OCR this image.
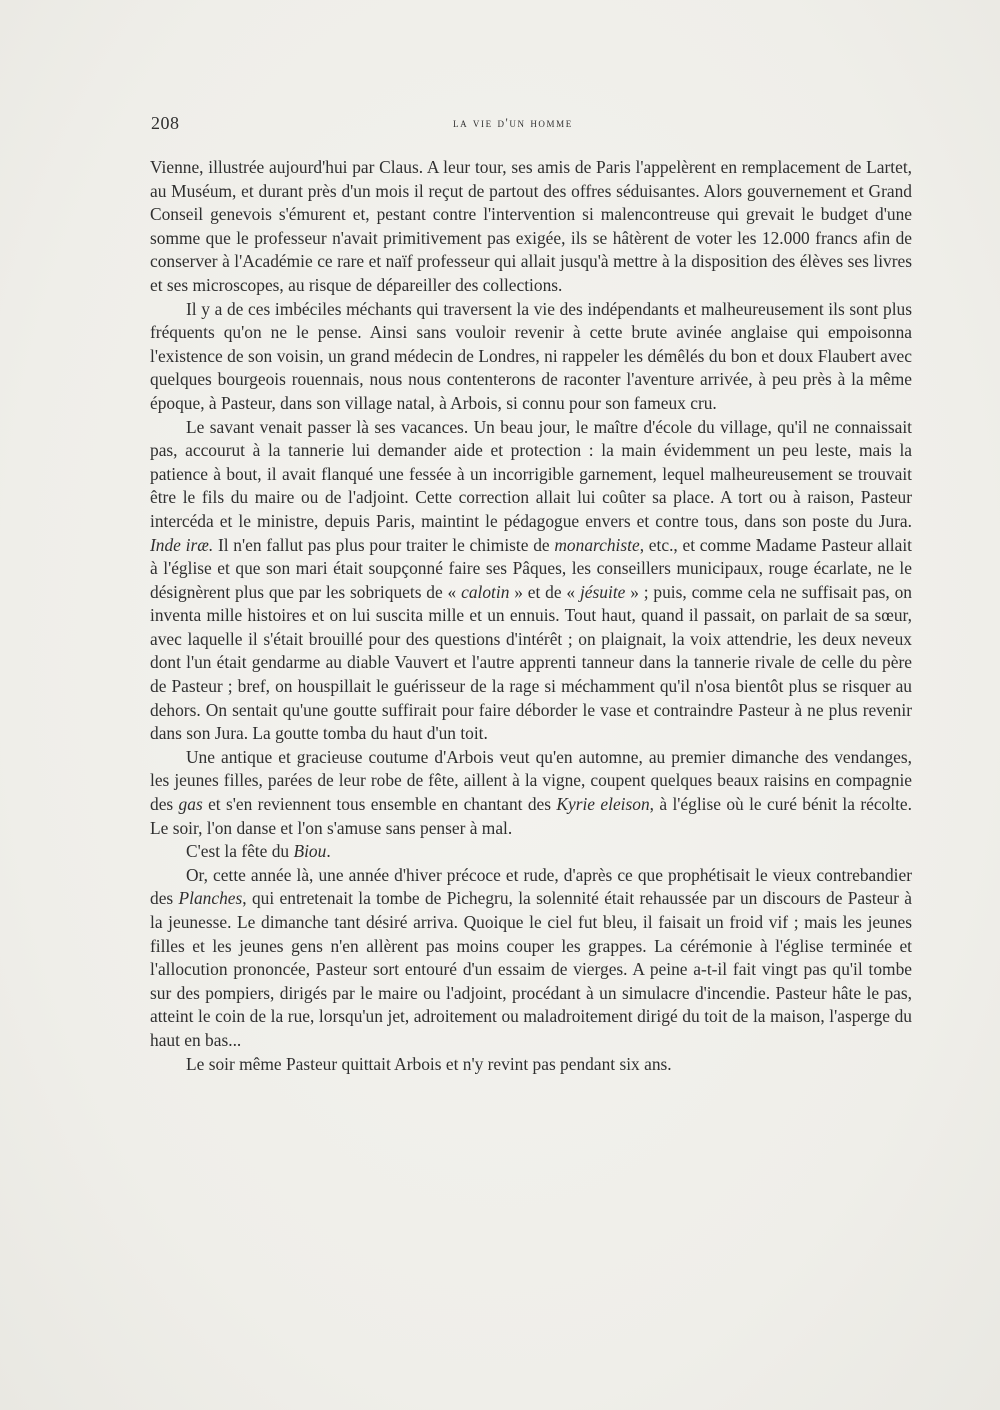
208	la vie d'un homme

Vienne, illustrée aujourd'hui par Claus. A leur tour, ses amis de Paris l'appelèrent en remplacement de Lartet, au Muséum, et durant près d'un mois il reçut de partout des offres séduisantes. Alors gouvernement et Grand Conseil genevois s'émurent et, pestant contre l'intervention si malencontreuse qui grevait le budget d'une somme que le professeur n'avait primitivement pas exigée, ils se hâtèrent de voter les 12.000 francs afin de conserver à l'Académie ce rare et naïf professeur qui allait jusqu'à mettre à la disposition des élèves ses livres et ses microscopes, au risque de dépareiller des collections.

Il y a de ces imbéciles méchants qui traversent la vie des indépendants et malheureusement ils sont plus fréquents qu'on ne le pense. Ainsi sans vouloir revenir à cette brute avinée anglaise qui empoisonna l'existence de son voisin, un grand médecin de Londres, ni rappeler les démêlés du bon et doux Flaubert avec quelques bourgeois rouennais, nous nous contenterons de raconter l'aventure arrivée, à peu près à la même époque, à Pasteur, dans son village natal, à Arbois, si connu pour son fameux cru.

Le savant venait passer là ses vacances. Un beau jour, le maître d'école du village, qu'il ne connaissait pas, accourut à la tannerie lui demander aide et protection : la main évidemment un peu leste, mais la patience à bout, il avait flanqué une fessée à un incorrigible garnement, lequel malheureusement se trouvait être le fils du maire ou de l'adjoint. Cette correction allait lui coûter sa place. A tort ou à raison, Pasteur intercéda et le ministre, depuis Paris, maintint le pédagogue envers et contre tous, dans son poste du Jura. Inde iræ. Il n'en fallut pas plus pour traiter le chimiste de monarchiste, etc., et comme Madame Pasteur allait à l'église et que son mari était soupçonné faire ses Pâques, les conseillers municipaux, rouge écarlate, ne le désignèrent plus que par les sobriquets de « calotin » et de « jésuite » ; puis, comme cela ne suffisait pas, on inventa mille histoires et on lui suscita mille et un ennuis. Tout haut, quand il passait, on parlait de sa sœur, avec laquelle il s'était brouillé pour des questions d'intérêt ; on plaignait, la voix attendrie, les deux neveux dont l'un était gendarme au diable Vauvert et l'autre apprenti tanneur dans la tannerie rivale de celle du père de Pasteur ; bref, on houspillait le guérisseur de la rage si méchamment qu'il n'osa bientôt plus se risquer au dehors. On sentait qu'une goutte suffirait pour faire déborder le vase et contraindre Pasteur à ne plus revenir dans son Jura. La goutte tomba du haut d'un toit.

Une antique et gracieuse coutume d'Arbois veut qu'en automne, au premier dimanche des vendanges, les jeunes filles, parées de leur robe de fête, aillent à la vigne, coupent quelques beaux raisins en compagnie des gas et s'en reviennent tous ensemble en chantant des Kyrie eleison, à l'église où le curé bénit la récolte. Le soir, l'on danse et l'on s'amuse sans penser à mal.

C'est la fête du Biou.

Or, cette année là, une année d'hiver précoce et rude, d'après ce que prophétisait le vieux contrebandier des Planches, qui entretenait la tombe de Pichegru, la solennité était rehaussée par un discours de Pasteur à la jeunesse. Le dimanche tant désiré arriva. Quoique le ciel fut bleu, il faisait un froid vif ; mais les jeunes filles et les jeunes gens n'en allèrent pas moins couper les grappes. La cérémonie à l'église terminée et l'allocution prononcée, Pasteur sort entouré d'un essaim de vierges. A peine a-t-il fait vingt pas qu'il tombe sur des pompiers, dirigés par le maire ou l'adjoint, procédant à un simulacre d'incendie. Pasteur hâte le pas, atteint le coin de la rue, lorsqu'un jet, adroitement ou maladroitement dirigé du toit de la maison, l'asperge du haut en bas...

Le soir même Pasteur quittait Arbois et n'y revint pas pendant six ans.
